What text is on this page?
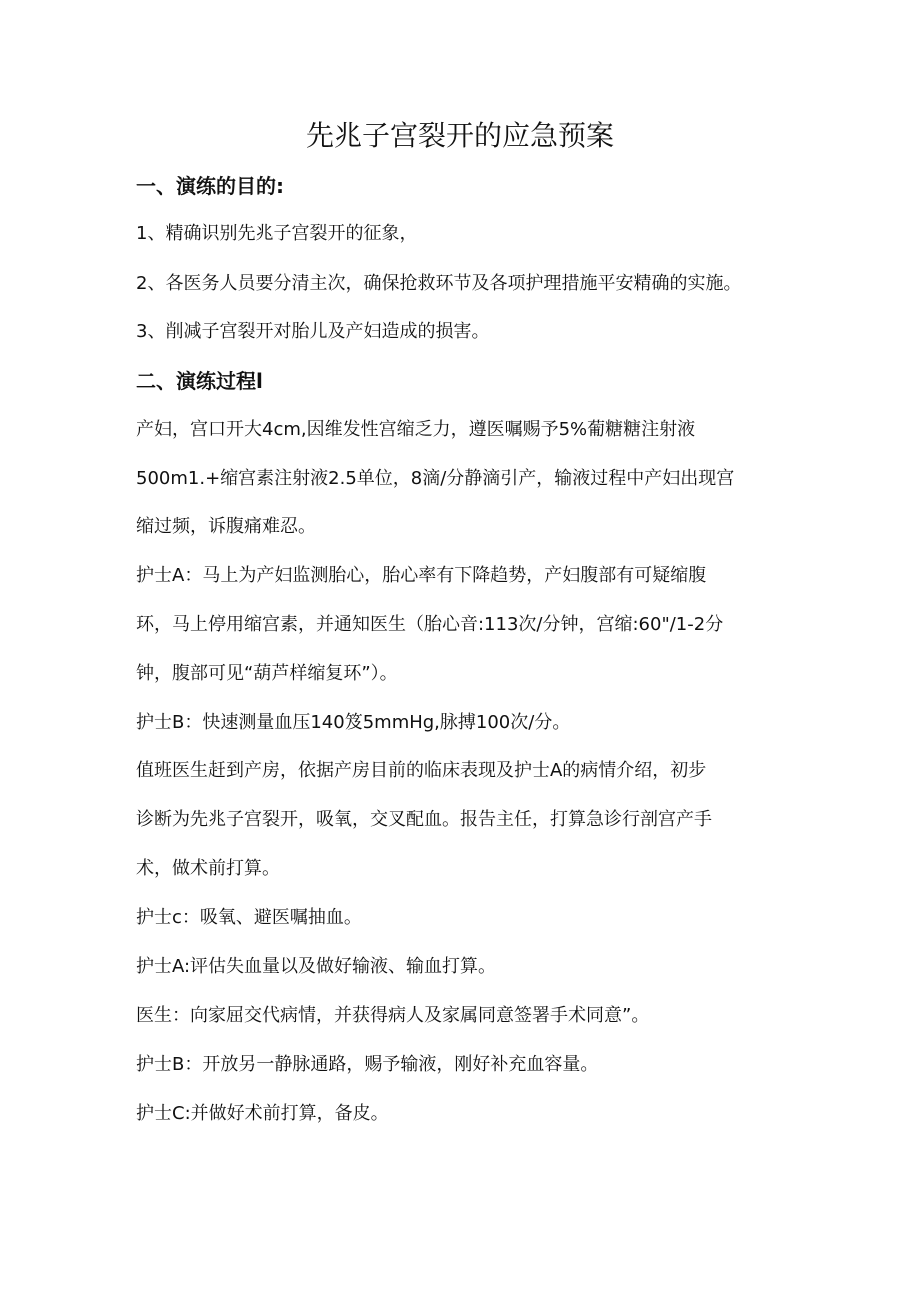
先兆子宫裂开的应急预案
一、演练的目的:

1、精确识别先兆子宫裂开的征象，

2、各医务人员要分清主次，确保抢救环节及各项护理措施平安精确的实施。

3、削减子宫裂开对胎儿及产妇造成的损害。

二、演练过程l

产妇，宫口开大4cm,因维发性宫缩乏力，遵医嘱赐予5%葡糖糖注射液

500m1.+缩宫素注射液2.5单位，8滴/分静滴引产，输液过程中产妇出现宫

缩过频，诉腹痛难忍。

护士A：马上为产妇监测胎心，胎心率有下降趋势，产妇腹部有可疑缩腹

环，马上停用缩宫素，并通知医生（胎心音:113次/分钟，宫缩:60"/1-2分

钟，腹部可见“葫芦样缩复环”）。

护士B：快速测量血压140笈5mmHg,脉搏100次/分。

值班医生赶到产房，依据产房目前的临床表现及护士A的病情介绍，初步

诊断为先兆子宫裂开，吸氧，交叉配血。报告主任，打算急诊行剖宫产手

术，做术前打算。

护士c：吸氧、避医嘱抽血。

护士A:评估失血量以及做好输液、输血打算。

医生：向家屈交代病情，并获得病人及家属同意签署手术同意”。

护士B：开放另一静脉通路，赐予输液，刚好补充血容量。

护士C:并做好术前打算，备皮。
